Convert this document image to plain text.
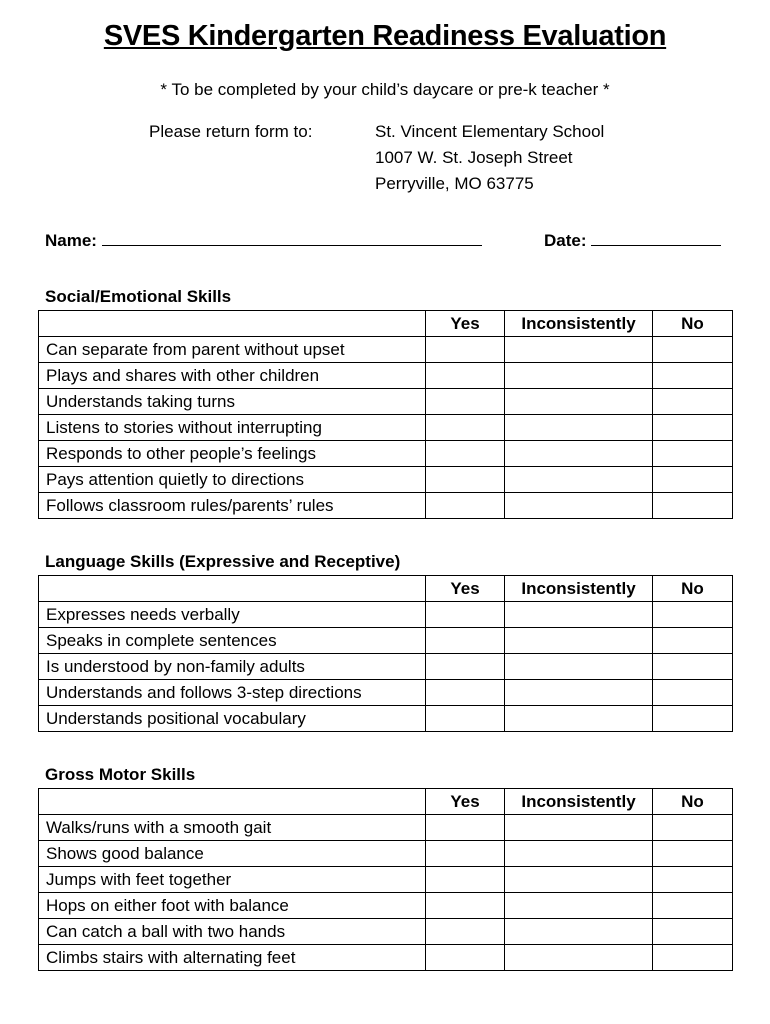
SVES Kindergarten Readiness Evaluation
* To be completed by your child’s daycare or pre-k teacher *
Please return form to:	St. Vincent Elementary School
1007 W. St. Joseph Street
Perryville, MO 63775
Name:	Date:
Social/Emotional Skills
	Yes	Inconsistently	No
Can separate from parent without upset			
Plays and shares with other children			
Understands taking turns			
Listens to stories without interrupting			
Responds to other people’s feelings			
Pays attention quietly to directions			
Follows classroom rules/parents’ rules			
Language Skills (Expressive and Receptive)
	Yes	Inconsistently	No
Expresses needs verbally			
Speaks in complete sentences			
Is understood by non-family adults			
Understands and follows 3-step directions			
Understands positional vocabulary			
Gross Motor Skills
	Yes	Inconsistently	No
Walks/runs with a smooth gait			
Shows good balance			
Jumps with feet together			
Hops on either foot with balance			
Can catch a ball with two hands			
Climbs stairs with alternating feet			
